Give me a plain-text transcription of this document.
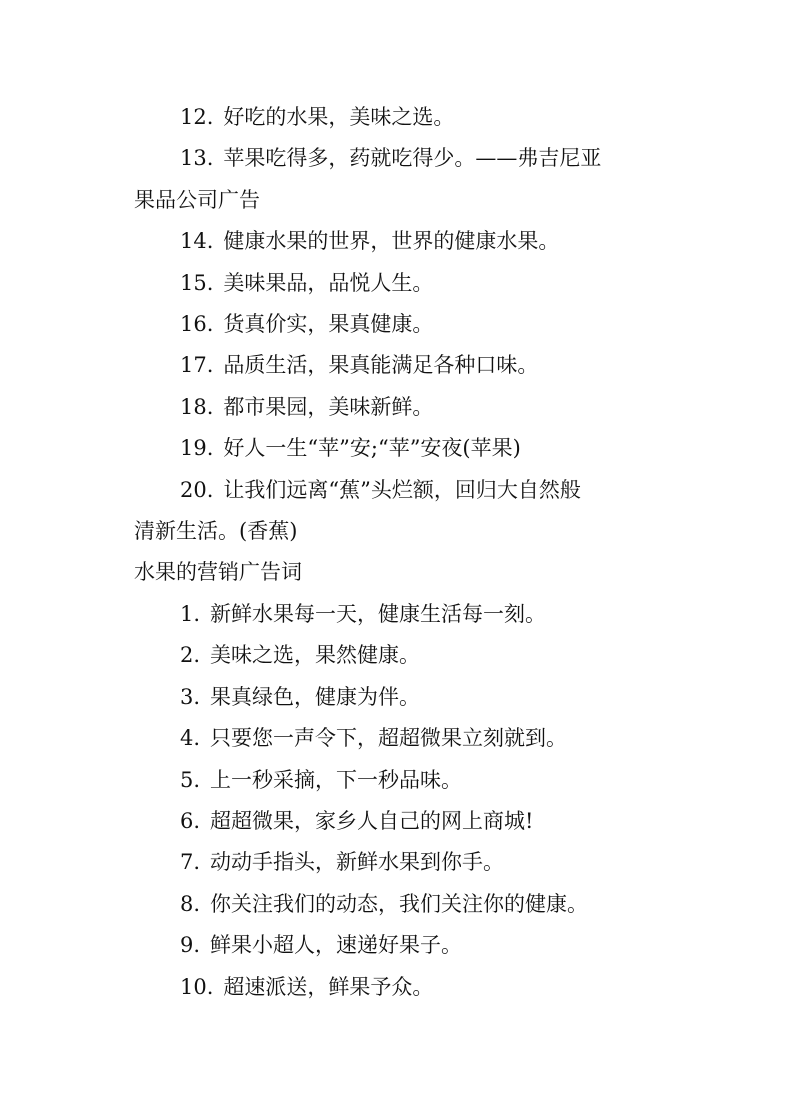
12. 好吃的水果，美味之选。

13. 苹果吃得多，药就吃得少。——弗吉尼亚

果品公司广告

14. 健康水果的世界，世界的健康水果。

15. 美味果品，品悦人生。

16. 货真价实，果真健康。

17. 品质生活，果真能满足各种口味。

18. 都市果园，美味新鲜。

19. 好人一生“苹”安;“苹”安夜(苹果)

20. 让我们远离“蕉”头烂额，回归大自然般

清新生活。(香蕉)

水果的营销广告词

1. 新鲜水果每一天，健康生活每一刻。

2. 美味之选，果然健康。

3. 果真绿色，健康为伴。

4. 只要您一声令下，超超微果立刻就到。

5. 上一秒采摘，下一秒品味。

6. 超超微果，家乡人自己的网上商城!

7. 动动手指头，新鲜水果到你手。

8. 你关注我们的动态，我们关注你的健康。

9. 鲜果小超人，速递好果子。

10. 超速派送，鲜果予众。
